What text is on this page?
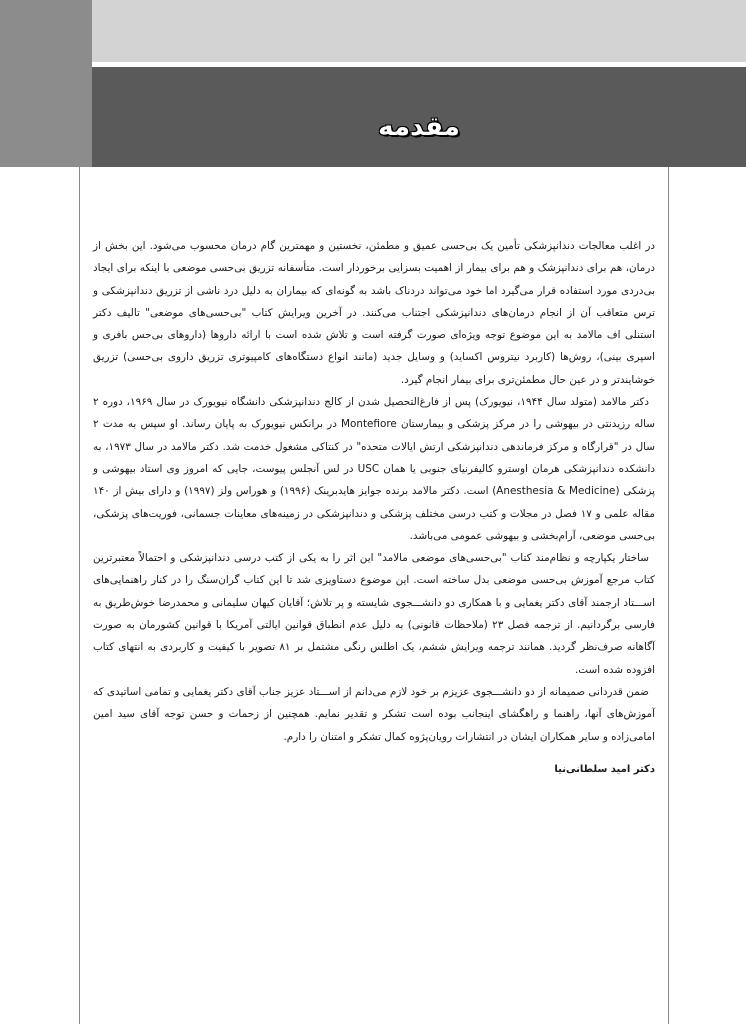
مقدمه

در اغلب معالجات دندانپزشکی تأمین یک بی‌حسی عمیق و مطمئن، نخستین و مهمترین گام درمان محسوب می‌شود. این بخش از درمان، هم برای دندانپزشک و هم برای بیمار از اهمیت بسزایی برخوردار است. متأسفانه تزریق بی‌حسی موضعی با اینکه برای ایجاد بی‌دردی مورد استفاده قرار می‌گیرد اما خود می‌تواند دردناک باشد به گونه‌ای که بیماران به دلیل درد ناشی از تزریق دندانپزشکی و ترس متعاقب آن از انجام درمان‌های دندانپزشکی اجتناب می‌کنند. در آخرین ویرایش کتاب "بی‌حسی‌های موضعی" تالیف دکتر استنلی اف مالامد به این موضوع توجه ویژه‌ای صورت گرفته است و تلاش شده است با ارائه داروها (داروهای بی‌حس بافری و اسپری بینی)، روش‌ها (کاربرد نیتروس اکساید) و وسایل جدید (مانند انواع دستگاه‌های کامپیوتری تزریق داروی بی‌حسی) تزریق خوشایندتر و در عین حال مطمئن‌تری برای بیمار انجام گیرد.

دکتر مالامد (متولد سال ۱۹۴۴، نیویورک) پس از فارغ‌التحصیل شدن از کالج دندانپزشکی دانشگاه نیویورک در سال ۱۹۶۹، دوره ۲ ساله رزیدنتی در بیهوشی را در مرکز پزشکی و بیمارستان Montefiore در برانکس نیویورک به پایان رساند. او سپس به مدت ۲ سال در "قرارگاه و مرکز فرماندهی دندانپزشکی ارتش ایالات متحده" در کنتاکی مشغول خدمت شد. دکتر مالامد در سال ۱۹۷۳، به دانشکده دندانپزشکی هرمان اوسترو کالیفرنیای جنوبی یا همان USC در لس آنجلس پیوست، جایی که امروز وی استاد بیهوشی و پزشکی (Anesthesia & Medicine) است. دکتر مالامد برنده جوایز هایدبرینک (۱۹۹۶) و هوراس ولز (۱۹۹۷) و دارای بیش از ۱۴۰ مقاله علمی و ۱۷ فصل در مجلات و کتب درسی مختلف پزشکی و دندانپزشکی در زمینه‌های معاینات جسمانی، فوریت‌های پزشکی، بی‌حسی موضعی، آرام‌بخشی و بیهوشی عمومی می‌باشد.

ساختار یکپارچه و نظام‌مند کتاب "بی‌حسی‌های موضعی مالامد" این اثر را به یکی از کتب درسی دندانپزشکی و احتمالاً معتبرترین کتاب مرجع آموزش بی‌حسی موضعی بدل ساخته است. این موضوع دستاویزی شد تا این کتاب گران‌سنگ را در کنار راهنمایی‌های اســـتاد ارجمند آقای دکتر یغمایی و با همکاری دو دانشـــجوی شایسته و پر تلاش؛ آقایان کیهان سلیمانی و محمدرضا خوش‌طریق به فارسی برگردانیم. از ترجمه فصل ۲۳ (ملاحظات قانونی) به دلیل عدم انطباق قوانین ایالتی آمریکا با قوانین کشورمان به صورت آگاهانه صرف‌نظر گردید. همانند ترجمه ویرایش ششم، یک اطلس رنگی مشتمل بر ۸۱ تصویر با کیفیت و کاربردی به انتهای کتاب افزوده شده است.

ضمن قدردانی صمیمانه از دو دانشـــجوی عزیزم بر خود لازم می‌دانم از اســـتاد عزیز جناب آقای دکتر یغمایی و تمامی اساتیدی که آموزش‌های آنها، راهنما و راهگشای اینجانب بوده است تشکر و تقدیر نمایم. همچنین از زحمات و حسن توجه آقای سید امین امامی‌زاده و سایر همکاران ایشان در انتشارات رویان‌پژوه کمال تشکر و امتنان را دارم.

دکتر امید سلطانی‌نیا
